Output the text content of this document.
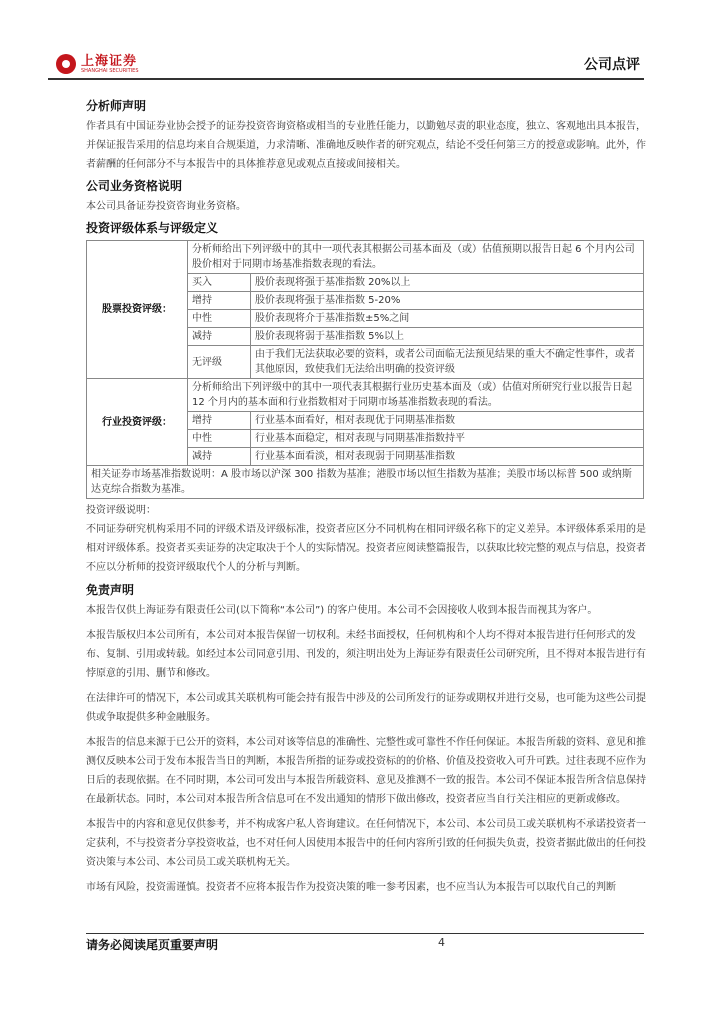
上海证券
SHANGHAI SECURITIES	公司点评
分析师声明

作者具有中国证券业协会授予的证券投资咨询资格或相当的专业胜任能力，以勤勉尽责的职业态度，独立、客观地出具本报告，并保证报告采用的信息均来自合规渠道，力求清晰、准确地反映作者的研究观点，结论不受任何第三方的授意或影响。此外，作者薪酬的任何部分不与本报告中的具体推荐意见或观点直接或间接相关。

公司业务资格说明

本公司具备证券投资咨询业务资格。

投资评级体系与评级定义
股票投资评级：	分析师给出下列评级中的其中一项代表其根据公司基本面及（或）估值预期以报告日起 6 个月内公司股价相对于同期市场基准指数表现的看法。	
	买入	股价表现将强于基准指数 20%以上
	增持	股价表现将强于基准指数 5-20%
	中性	股价表现将介于基准指数±5%之间
	减持	股价表现将弱于基准指数 5%以上
	无评级	由于我们无法获取必要的资料，或者公司面临无法预见结果的重大不确定性事件，或者其他原因，致使我们无法给出明确的投资评级
行业投资评级：	分析师给出下列评级中的其中一项代表其根据行业历史基本面及（或）估值对所研究行业以报告日起 12 个月内的基本面和行业指数相对于同期市场基准指数表现的看法。	
	增持	行业基本面看好，相对表现优于同期基准指数
	中性	行业基本面稳定，相对表现与同期基准指数持平
	减持	行业基本面看淡，相对表现弱于同期基准指数
相关证券市场基准指数说明：A 股市场以沪深 300 指数为基准；港股市场以恒生指数为基准；美股市场以标普 500 或纳斯达克综合指数为基准。		

投资评级说明：

不同证券研究机构采用不同的评级术语及评级标准，投资者应区分不同机构在相同评级名称下的定义差异。本评级体系采用的是相对评级体系。投资者买卖证券的决定取决于个人的实际情况。投资者应阅读整篇报告，以获取比较完整的观点与信息，投资者不应以分析师的投资评级取代个人的分析与判断。

免责声明

本报告仅供上海证券有限责任公司(以下简称“本公司”) 的客户使用。本公司不会因接收人收到本报告而视其为客户。

本报告版权归本公司所有，本公司对本报告保留一切权利。未经书面授权，任何机构和个人均不得对本报告进行任何形式的发布、复制、引用或转载。如经过本公司同意引用、刊发的，须注明出处为上海证券有限责任公司研究所，且不得对本报告进行有悖原意的引用、删节和修改。

在法律许可的情况下，本公司或其关联机构可能会持有报告中涉及的公司所发行的证券或期权并进行交易，也可能为这些公司提供或争取提供多种金融服务。

本报告的信息来源于已公开的资料，本公司对该等信息的准确性、完整性或可靠性不作任何保证。本报告所载的资料、意见和推测仅反映本公司于发布本报告当日的判断，本报告所指的证券或投资标的的价格、价值及投资收入可升可跌。过往表现不应作为日后的表现依据。在不同时期，本公司可发出与本报告所载资料、意见及推测不一致的报告。本公司不保证本报告所含信息保持在最新状态。同时，本公司对本报告所含信息可在不发出通知的情形下做出修改，投资者应当自行关注相应的更新或修改。

本报告中的内容和意见仅供参考，并不构成客户私人咨询建议。在任何情况下，本公司、本公司员工或关联机构不承诺投资者一定获利，不与投资者分享投资收益，也不对任何人因使用本报告中的任何内容所引致的任何损失负责，投资者据此做出的任何投资决策与本公司、本公司员工或关联机构无关。

市场有风险，投资需谨慎。投资者不应将本报告作为投资决策的唯一参考因素，也不应当认为本报告可以取代自己的判断

请务必阅读尾页重要声明	4
